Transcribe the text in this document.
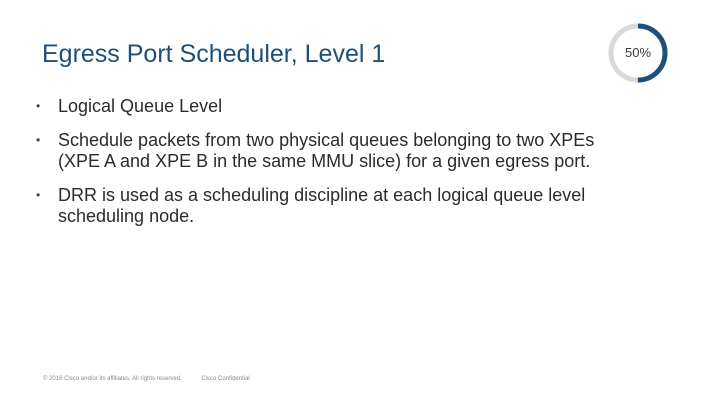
Egress Port Scheduler, Level 1	50%
• Logical Queue Level
• Schedule packets from two physical queues belonging to two XPEs (XPE A and XPE B in the same MMU slice) for a given egress port.
• DRR is used as a scheduling discipline at each logical queue level scheduling node.
© 2016 Cisco and/or its affiliates. All rights reserved.	Cisco Confidential
